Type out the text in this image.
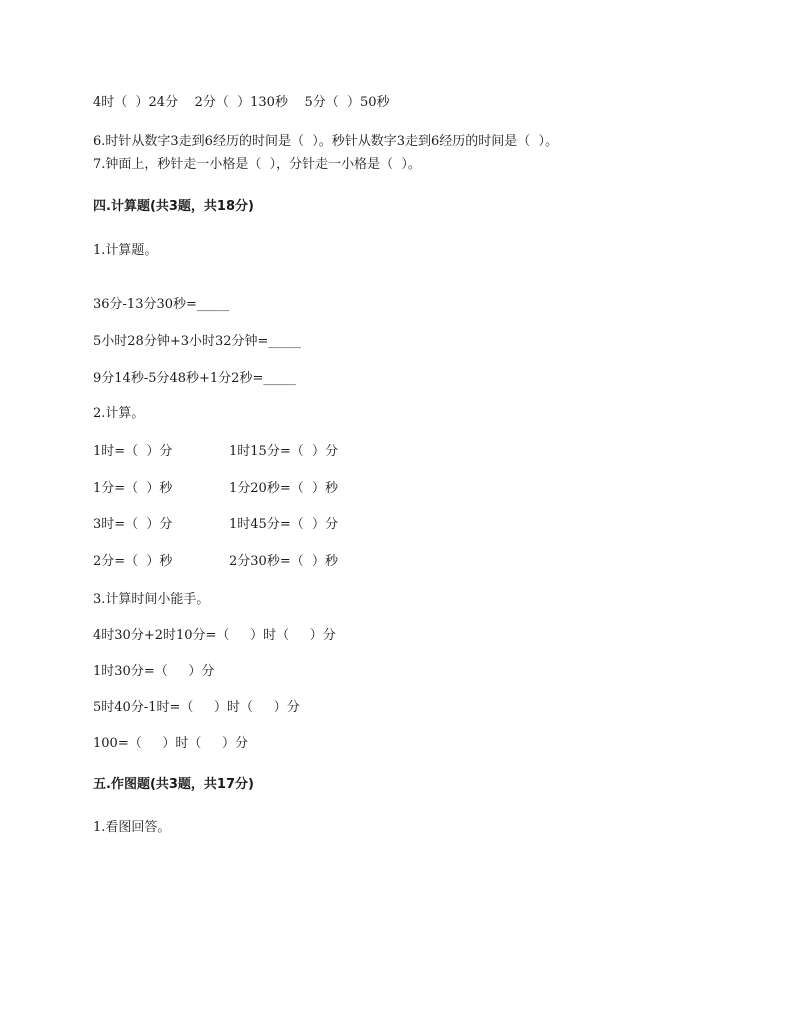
4时（  ）24分    2分（  ）130秒    5分（  ）50秒
6.时针从数字3走到6经历的时间是（  ）。秒针从数字3走到6经历的时间是（  ）。
7.钟面上，秒针走一小格是（  ），分针走一小格是（  ）。
四.计算题(共3题，共18分)
1.计算题。
36分-13分30秒=_____
5小时28分钟+3小时32分钟=_____
9分14秒-5分48秒+1分2秒=_____
2.计算。
1时=（  ）分	1时15分=（  ）分
1分=（  ）秒	1分20秒=（  ）秒
3时=（  ）分	1时45分=（  ）分
2分=（  ）秒	2分30秒=（  ）秒
3.计算时间小能手。
4时30分+2时10分=（     ）时（     ）分
1时30分=（     ）分
5时40分-1时=（     ）时（     ）分
100=（     ）时（     ）分
五.作图题(共3题，共17分)
1.看图回答。
